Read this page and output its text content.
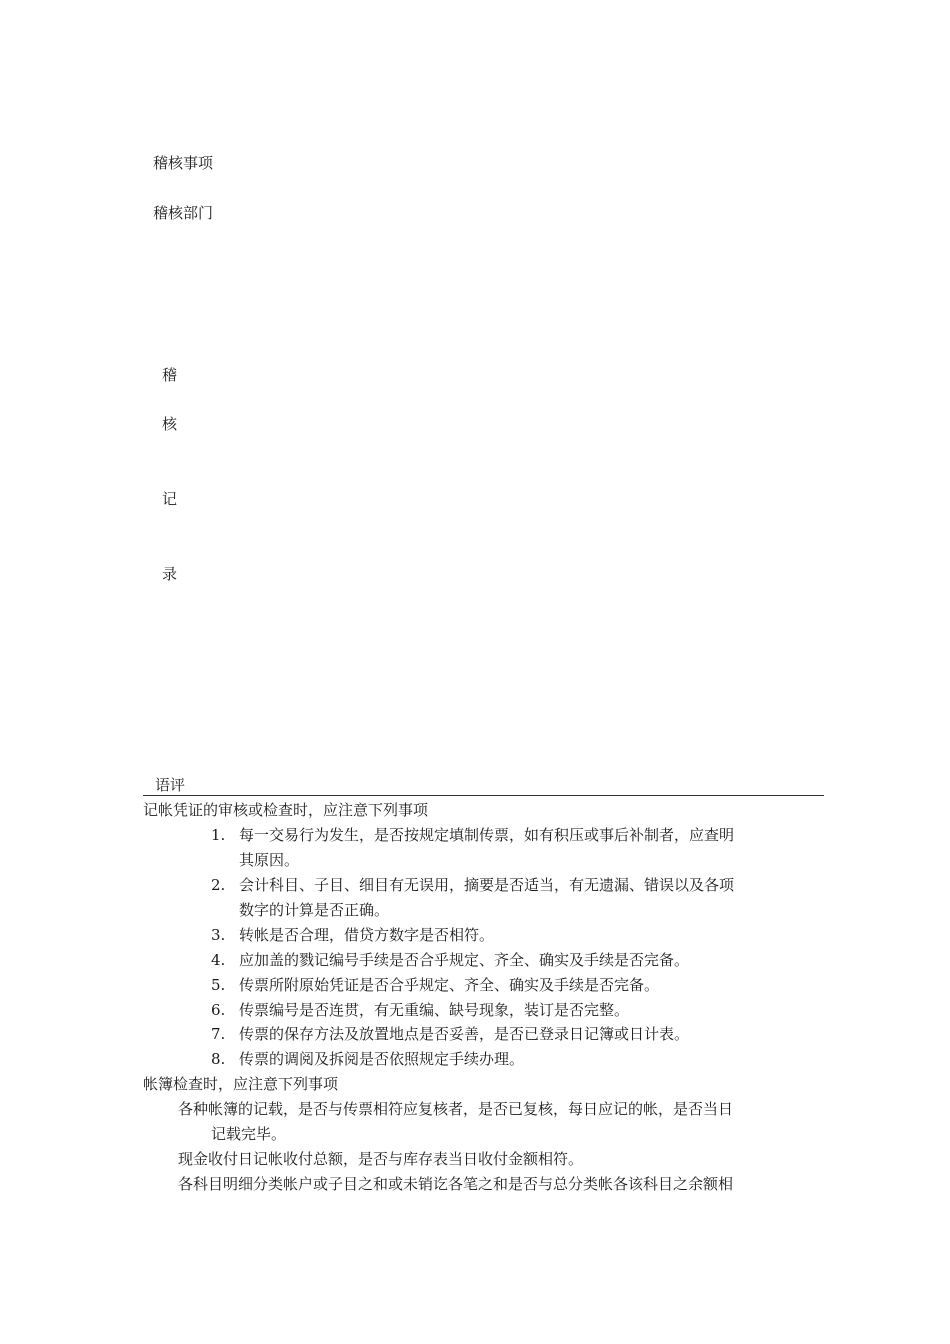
稽核事项
稽核部门
稽
核
记
录
语评
记帐凭证的审核或检查时，应注意下列事项
1. 每一交易行为发生，是否按规定填制传票，如有积压或事后补制者，应查明
其原因。
2. 会计科目、子目、细目有无误用，摘要是否适当，有无遗漏、错误以及各项
数字的计算是否正确。
3. 转帐是否合理，借贷方数字是否相符。
4. 应加盖的戮记编号手续是否合乎规定、齐全、确实及手续是否完备。
5. 传票所附原始凭证是否合乎规定、齐全、确实及手续是否完备。
6. 传票编号是否连贯，有无重编、缺号现象，装订是否完整。
7. 传票的保存方法及放置地点是否妥善，是否已登录日记簿或日计表。
8. 传票的调阅及拆阅是否依照规定手续办理。
帐簿检查时，应注意下列事项
各种帐簿的记载，是否与传票相符应复核者，是否已复核，每日应记的帐，是否当日
记载完毕。
现金收付日记帐收付总额，是否与库存表当日收付金额相符。
各科目明细分类帐户或子目之和或未销讫各笔之和是否与总分类帐各该科目之余额相
